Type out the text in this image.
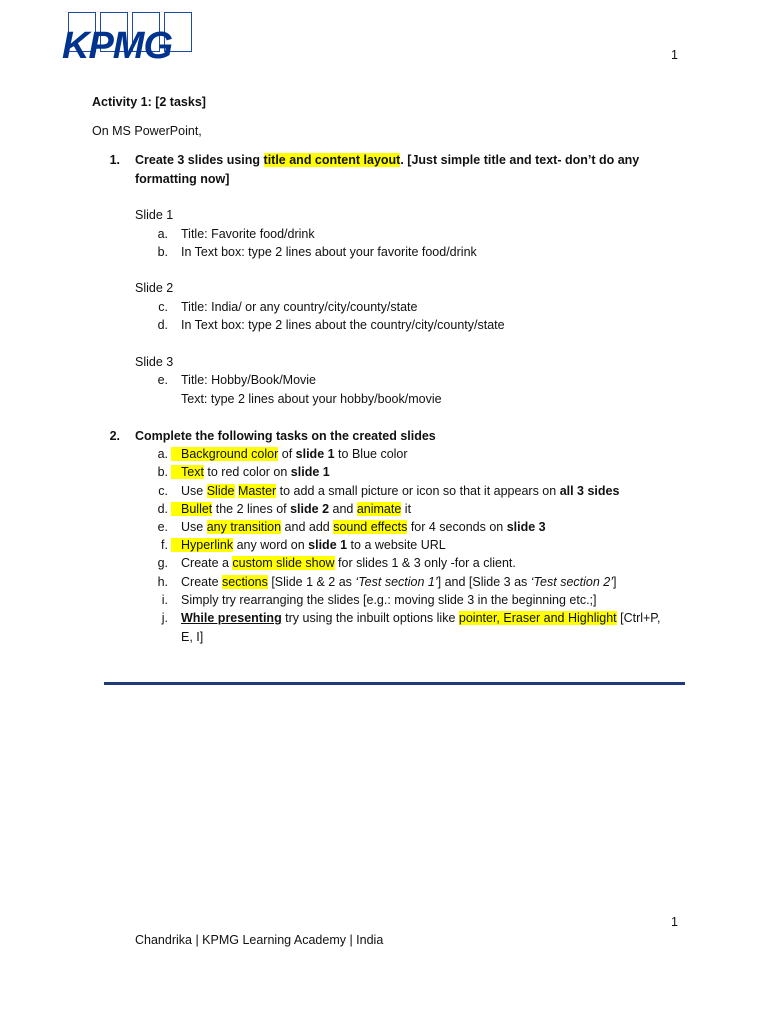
KPMG	1
Activity 1: [2 tasks]
On MS PowerPoint,
1. Create 3 slides using title and content layout. [Just simple title and text- don’t do any
formatting now]
Slide 1
a. Title: Favorite food/drink
b. In Text box: type 2 lines about your favorite food/drink
Slide 2
c. Title: India/ or any country/city/county/state
d. In Text box: type 2 lines about the country/city/county/state
Slide 3
e. Title: Hobby/Book/Movie
Text: type 2 lines about your hobby/book/movie
2. Complete the following tasks on the created slides
a.	Background color of slide 1 to Blue color
b.	Text to red color on slide 1
c. Use Slide Master to add a small picture or icon so that it appears on all 3 sides
d.	Bullet the 2 lines of slide 2 and animate it
e. Use any transition and add sound effects for 4 seconds on slide 3
f.	Hyperlink any word on slide 1 to a website URL
g. Create a custom slide show for slides 1 & 3 only -for a client.
h. Create sections [Slide 1 & 2 as ‘Test section 1’] and [Slide 3 as ‘Test section 2’]
i. Simply try rearranging the slides [e.g.: moving slide 3 in the beginning etc.;]
j. While presenting try using the inbuilt options like pointer, Eraser and Highlight [Ctrl+P,
E, I]
1
Chandrika | KPMG Learning Academy | India
